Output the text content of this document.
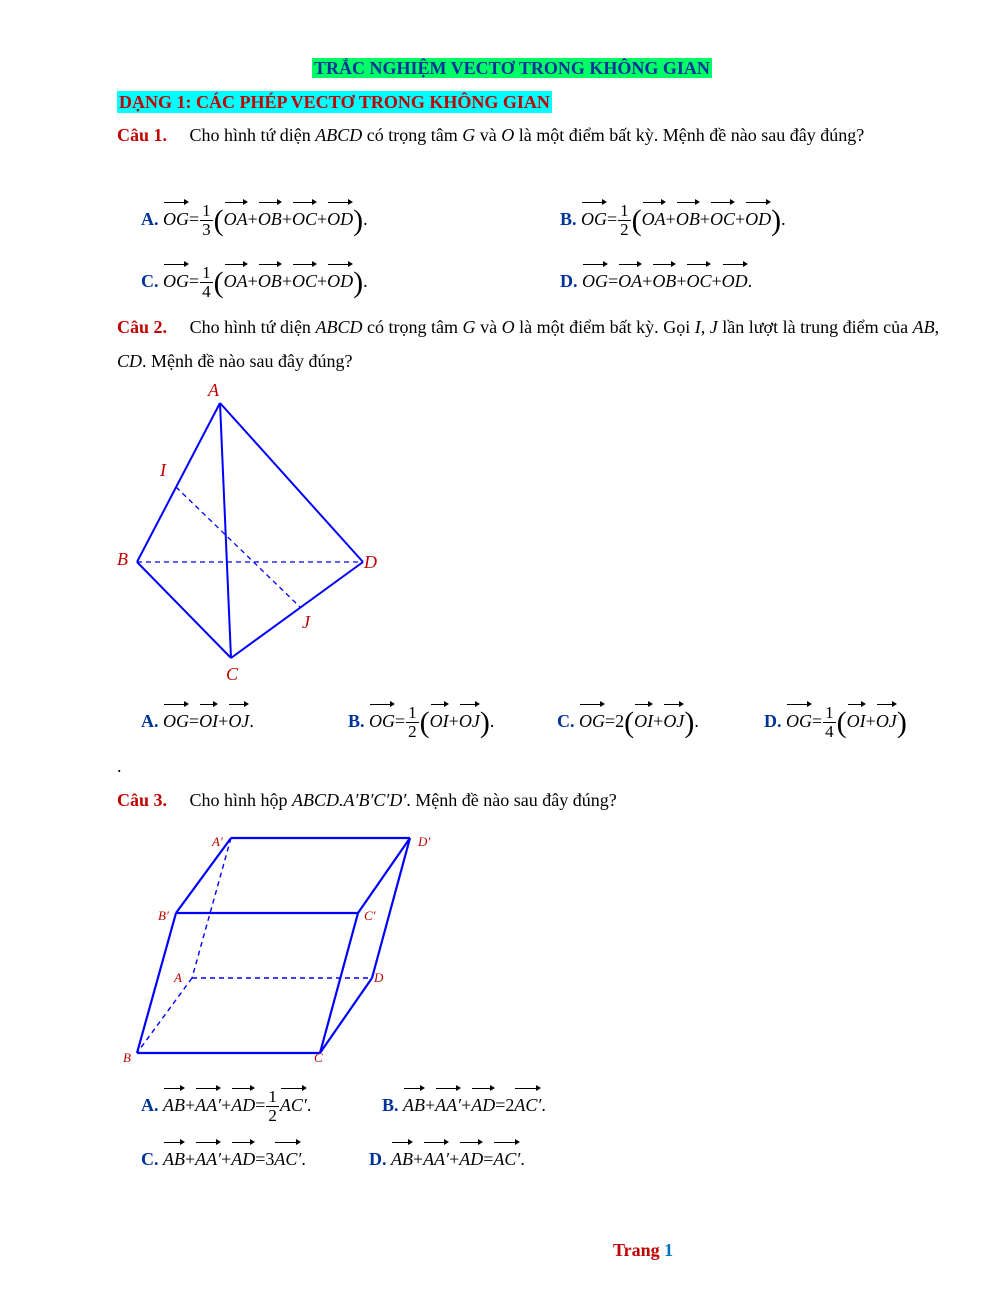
TRẮC NGHIỆM VECTƠ TRONG KHÔNG GIAN
DẠNG 1: CÁC PHÉP VECTƠ TRONG KHÔNG GIAN
Câu 1. Cho hình tứ diện ABCD có trọng tâm G và O là một điểm bất kỳ. Mệnh đề nào sau đây đúng?
A. $OG= \frac{1}{3} (OA+OB+OC+OD)$.	B. $OG= \frac{1}{2} (OA+OB+OC+OD)$.
C. $OG= \frac{1}{4} (OA+OB+OC+OD)$.	D. OG=OA+OB+OC+OD.
Câu 2. Cho hình tứ diện ABCD có trọng tâm G và O là một điểm bất kỳ. Gọi I, J lần lượt là trung điểm của AB, CD. Mệnh đề nào sau đây đúng?
A
B
C
D
I
J
A. OG=OI+OJ.	B. $OG= \frac{1}{2} (OI+OJ)$.	C. OG=2(OI+OJ).	D. $OG= \frac{1}{4} (OI+OJ)$
.
Câu 3. Cho hình hộp ABCD.A′B′C′D′. Mệnh đề nào sau đây đúng?
A′	D′
B′	C′
A	D
B	C
A. $AB+AA'+AD= \frac{1}{2} AC'$.	B. AB+AA′+AD=2AC′.
C. AB+AA′+AD=3AC′.	D. AB+AA′+AD=AC′.
Trang 1
